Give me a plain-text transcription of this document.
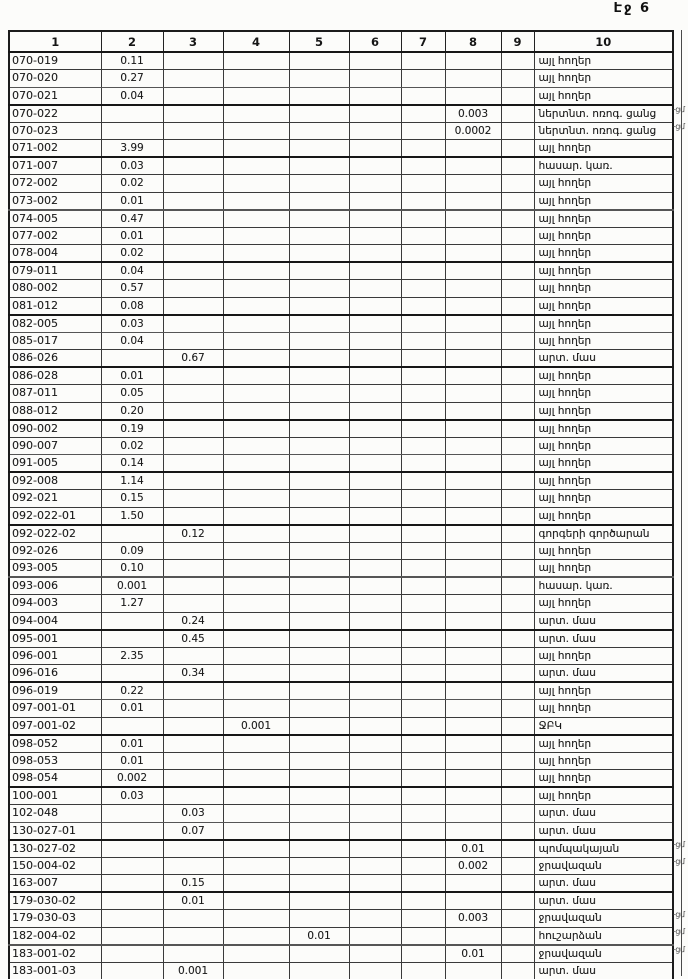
Էջ 6
1	2	3	4	5	6	7	8	9	10
070-019	0.11								այլ հողեր
070-020	0.27								այլ հողեր
070-021	0.04								այլ հողեր
070-022							0.003		ներտնտ. ոռոգ. ցանց
070-023							0.0002		ներտնտ. ոռոգ. ցանց
071-002	3.99								այլ հողեր
071-007	0.03								հասար. կառ.
072-002	0.02								այլ հողեր
073-002	0.01								այլ հողեր
074-005	0.47								այլ հողեր
077-002	0.01								այլ հողեր
078-004	0.02								այլ հողեր
079-011	0.04								այլ հողեր
080-002	0.57								այլ հողեր
081-012	0.08								այլ հողեր
082-005	0.03								այլ հողեր
085-017	0.04								այլ հողեր
086-026		0.67							արտ. մաս
086-028	0.01								այլ հողեր
087-011	0.05								այլ հողեր
088-012	0.20								այլ հողեր
090-002	0.19								այլ հողեր
090-007	0.02								այլ հողեր
091-005	0.14								այլ հողեր
092-008	1.14								այլ հողեր
092-021	0.15								այլ հողեր
092-022-01	1.50								այլ հողեր
092-022-02		0.12							գորգերի գործարան
092-026	0.09								այլ հողեր
093-005	0.10								այլ հողեր
093-006	0.001								հասար. կառ.
094-003	1.27								այլ հողեր
094-004		0.24							արտ. մաս
095-001		0.45							արտ. մաս
096-001	2.35								այլ հողեր
096-016		0.34							արտ. մաս
096-019	0.22								այլ հողեր
097-001-01	0.01								այլ հողեր
097-001-02			0.001						ՋԲԿ
098-052	0.01								այլ հողեր
098-053	0.01								այլ հողեր
098-054	0.002								այլ հողեր
100-001	0.03								այլ հողեր
102-048		0.03							արտ. մաս
130-027-01		0.07							արտ. մաս
130-027-02							0.01		պոմպակայան
150-004-02							0.002		ջրավազան
163-007		0.15							արտ. մաս
179-030-02		0.01							արտ. մաս
179-030-03							0.003		ջրավազան
182-004-02				0.01					հուշարձան
183-001-02							0.01		ջրավազան
183-001-03		0.001							արտ. մաս
-ցմ
-ցմ
-ցմ
-ցմ
-ցմ
-ցմ
-ցմ
